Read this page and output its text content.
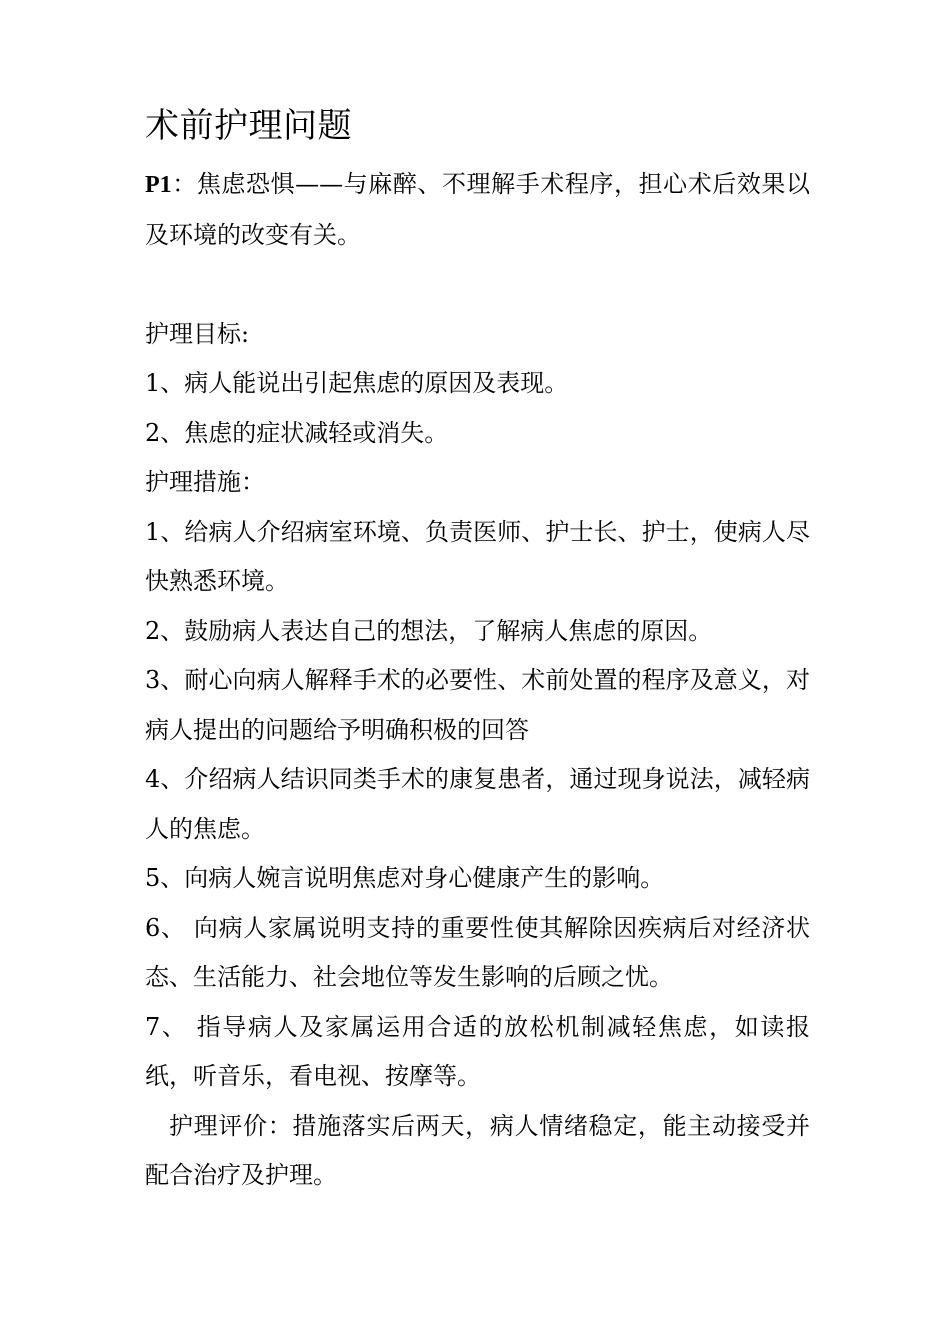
术前护理问题

P1：焦虑恐惧——与麻醉、不理解手术程序，担心术后效果以及环境的改变有关。

护理目标:

1、病人能说出引起焦虑的原因及表现。

2、焦虑的症状减轻或消失。

护理措施：

1、给病人介绍病室环境、负责医师、护士长、护士，使病人尽快熟悉环境。

2、鼓励病人表达自己的想法，了解病人焦虑的原因。

3、耐心向病人解释手术的必要性、术前处置的程序及意义，对病人提出的问题给予明确积极的回答

4、介绍病人结识同类手术的康复患者，通过现身说法，减轻病人的焦虑。

5、向病人婉言说明焦虑对身心健康产生的影响。

6、 向病人家属说明支持的重要性使其解除因疾病后对经济状态、生活能力、社会地位等发生影响的后顾之忧。

7、 指导病人及家属运用合适的放松机制减轻焦虑，如读报纸，听音乐，看电视、按摩等。

护理评价：措施落实后两天，病人情绪稳定，能主动接受并配合治疗及护理。
